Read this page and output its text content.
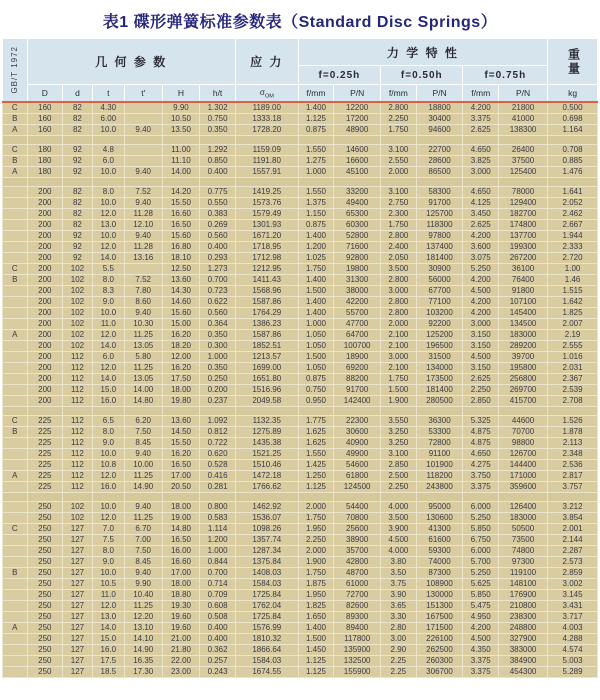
表1 碟形弹簧标准参数表（Standard Disc Springs）
GB/T 1972	几 何 参 数						应 力	力 学 特 性						重量

								f=0.25h		f=0.50h		f=0.75h		
	D	d	t	t′	H	h/t	$\sigma_{OM}$	f/mm	P/N	f/mm	P/N	f/mm	P/N	kg
C	160	82	4.30		9.90	1.302	1189.00	1.400	12200	2.800	18800	4.200	21800	0.500
B	160	82	6.00		10.50	0.750	1333.18	1.125	17200	2.250	30400	3.375	41000	0.698
A	160	82	10.0	9.40	13.50	0.350	1728.20	0.875	48900	1.750	94600	2.625	138300	1.164

C	180	92	4.8		11.00	1.292	1159.09	1.550	14600	3.100	22700	4.650	26400	0.708
B	180	92	6.0		11.10	0.850	1191.80	1.275	16600	2.550	28600	3.825	37500	0.885
A	180	92	10.0	9.40	14.00	0.400	1557.91	1.000	45100	2.000	86500	3.000	125400	1.476

	200	82	8.0	7.52	14.20	0.775	1419.25	1.550	33200	3.100	58300	4.650	78000	1.641
	200	82	10.0	9.40	15.50	0.550	1573.76	1.375	49400	2.750	91700	4.125	129400	2.052
	200	82	12.0	11.28	16.60	0.383	1579.49	1.150	65300	2.300	125700	3.450	182700	2.462
	200	82	13.0	12.10	16.50	0.269	1301.93	0.875	60300	1.750	118300	2.625	174800	2.667
	200	92	10.0	9.40	15.60	0.560	1671.20	1.400	52800	2.800	97800	4.200	137700	1.944
	200	92	12.0	11.28	16.80	0.400	1718.95	1.200	71600	2.400	137400	3.600	199300	2.333
	200	92	14.0	13.16	18.10	0.293	1712.98	1.025	92800	2.050	181400	3.075	267200	2.720
C	200	102	5.5		12.50	1.273	1212.95	1.750	19800	3.500	30900	5.250	36100	1.00
B	200	102	8.0	7.52	13.60	0.700	1411.43	1.400	31300	2.800	56000	4.200	76400	1.46
	200	102	8.3	7.80	14.30	0.723	1568.96	1.500	38000	3.000	67700	4.500	91800	1.515
	200	102	9.0	8.60	14.60	0.622	1587.86	1.400	42200	2.800	77100	4.200	107100	1.642
	200	102	10.0	9.40	15.60	0.560	1764.29	1.400	55700	2.800	103200	4.200	145400	1.825
	200	102	11.0	10.30	15.00	0.364	1386.23	1.000	47700	2.000	92200	3.000	134500	2.007
A	200	102	12.0	11.25	16.20	0.350	1587.86	1.050	64700	2.100	125200	3.150	183000	2.19
	200	102	14.0	13.05	18.20	0.300	1852.51	1.050	100700	2.100	196500	3.150	289200	2.555
	200	112	6.0	5.80	12.00	1.000	1213.57	1.500	18900	3.000	31500	4.500	39700	1.016
	200	112	12.0	11.25	16.20	0.350	1699.00	1.050	69200	2.100	134000	3.150	195800	2.031
	200	112	14.0	13.05	17.50	0.250	1651.80	0.875	88200	1.750	173500	2.625	256800	2.367
	200	112	15.0	14.00	18.00	0.200	1516.96	0.750	91700	1.500	181400	2.250	269700	2.539
	200	112	16.0	14.80	19.80	0.237	2049.58	0.950	142400	1.900	280500	2.850	415700	2.708

C	225	112	6.5	6.20	13.60	1.092	1132.35	1.775	22300	3.550	36300	5.325	44600	1.526
B	225	112	8.0	7.50	14.50	0.812	1275.89	1.625	30600	3.250	53300	4.875	70700	1.878
	225	112	9.0	8.45	15.50	0.722	1435.38	1.625	40900	3.250	72800	4.875	98800	2.113
	225	112	10.0	9.40	16.20	0.620	1521.25	1.550	49900	3.100	91100	4.650	126700	2.348
	225	112	10.8	10.00	16.50	0.528	1510.46	1.425	54600	2.850	101900	4.275	144400	2.536
A	225	112	12.0	11.25	17.00	0.416	1472.18	1.250	61800	2.500	118200	3.750	171000	2.817
	225	112	16.0	14.90	20.50	0.281	1766.62	1.125	124500	2.250	243800	3.375	359600	3.757

	250	102	10.0	9.40	18.00	0.800	1462.92	2.000	54400	4.000	95000	6.000	126400	3.212
	250	102	12.0	11.25	19.00	0.583	1536.07	1.750	70800	3.500	130600	5.250	183000	3.854
C	250	127	7.0	6.70	14.80	1.114	1098.26	1.950	25600	3.900	41300	5.850	50500	2.001
	250	127	7.5	7.00	16.50	1.200	1357.74	2.250	38900	4.500	61600	6.750	73500	2.144
	250	127	8.0	7.50	16.00	1.000	1287.34	2.000	35700	4.000	59300	6.000	74800	2.287
	250	127	9.0	8.45	16.60	0.844	1375.84	1.900	42800	3.80	74000	5.700	97300	2.573
B	250	127	10.0	9.40	17.00	0.700	1408.03	1.750	48700	3.50	87300	5.250	119100	2.859
	250	127	10.5	9.90	18.00	0.714	1584.03	1.875	61000	3.75	108900	5.625	148100	3.002
	250	127	11.0	10.40	18.80	0.709	1725.84	1.950	72700	3.90	130000	5.850	176900	3.145
	250	127	12.0	11.25	19.30	0.608	1762.04	1.825	82600	3.65	151300	5.475	210800	3.431
	250	127	13.0	12.20	19.60	0.508	1725.84	1.650	89300	3.30	167500	4.950	238300	3.717
A	250	127	14.0	13.10	19.60	0.400	1576.99	1.400	89400	2.80	171500	4.200	248800	4.003
	250	127	15.0	14.10	21.00	0.400	1810.32	1.500	117800	3.00	226100	4.500	327900	4.288
	250	127	16.0	14.90	21.80	0.362	1866.64	1.450	135900	2.90	262500	4.350	383000	4.574
	250	127	17.5	16.35	22.00	0.257	1584.03	1.125	132500	2.25	260300	3.375	384900	5.003
	250	127	18.5	17.30	23.00	0.243	1674.55	1.125	155900	2.25	306700	3.375	454300	5.289
